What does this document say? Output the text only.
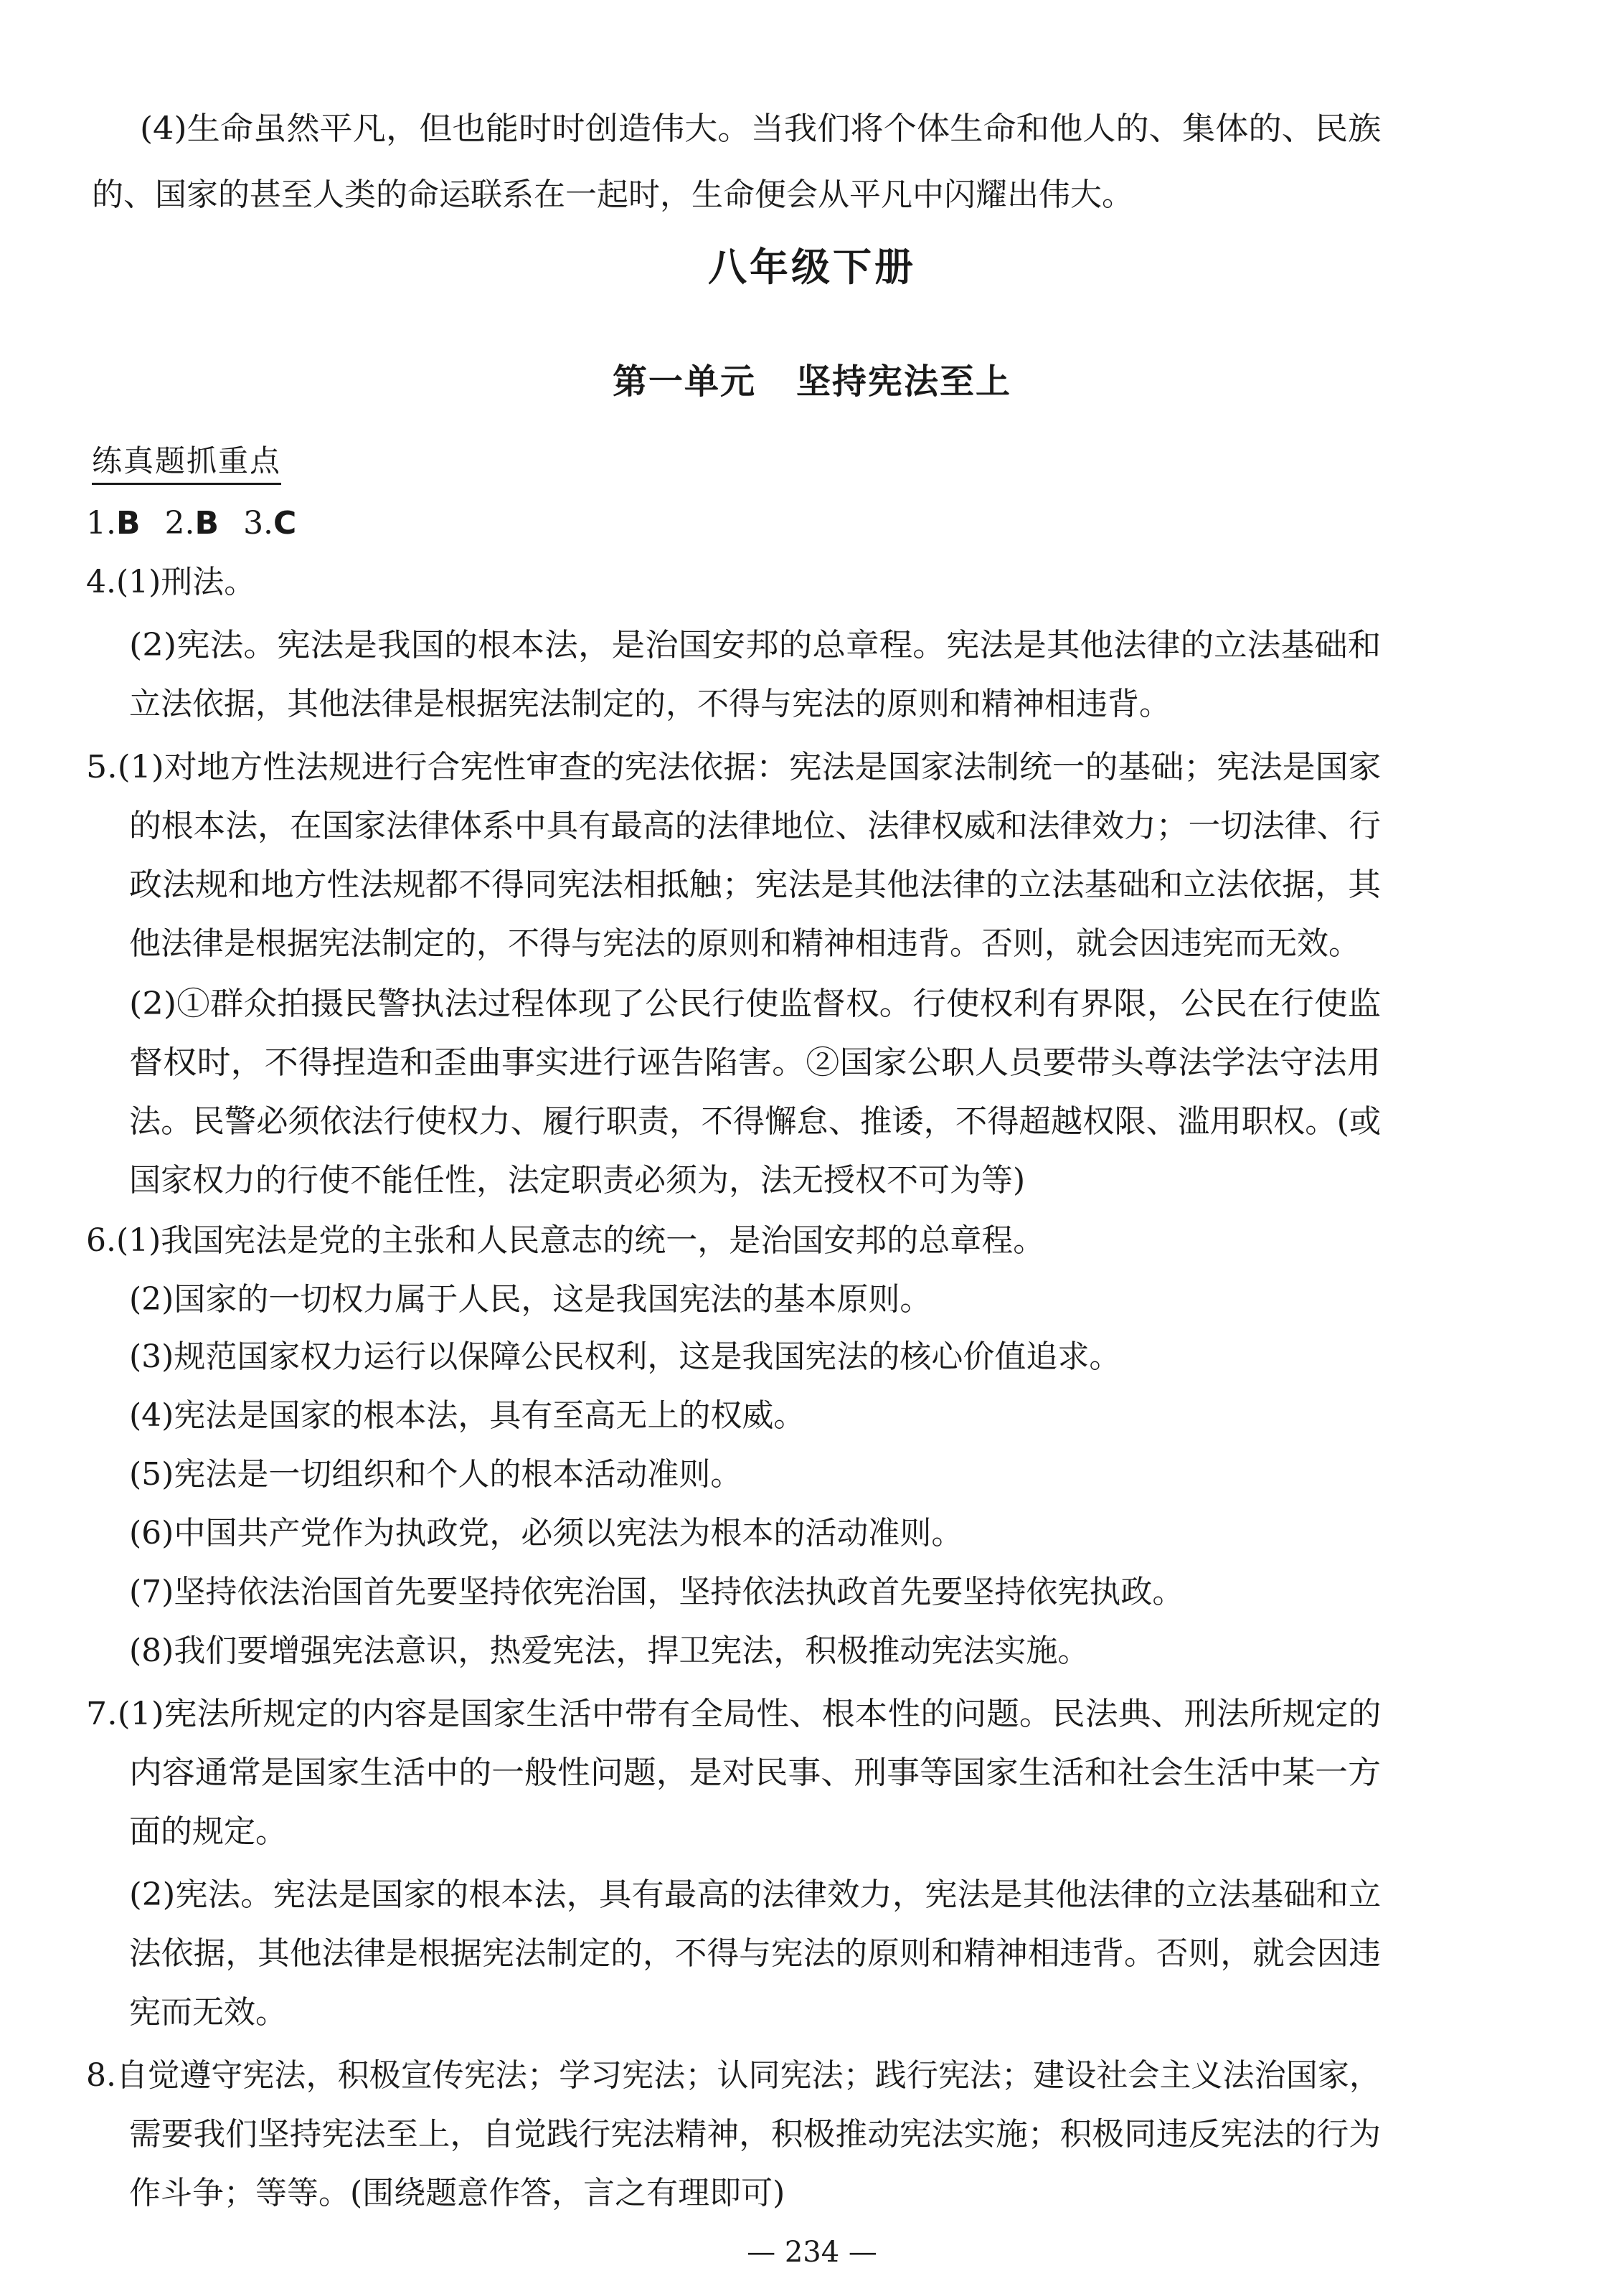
(4)生命虽然平凡，但也能时时创造伟大。当我们将个体生命和他人的、集体的、民族
的、国家的甚至人类的命运联系在一起时，生命便会从平凡中闪耀出伟大。
八年级下册
第一单元 坚持宪法至上
练真题抓重点
1.B 2.B 3.C
4.(1)刑法。
(2)宪法。宪法是我国的根本法，是治国安邦的总章程。宪法是其他法律的立法基础和
立法依据，其他法律是根据宪法制定的，不得与宪法的原则和精神相违背。
5.(1)对地方性法规进行合宪性审查的宪法依据：宪法是国家法制统一的基础；宪法是国家
的根本法，在国家法律体系中具有最高的法律地位、法律权威和法律效力；一切法律、行
政法规和地方性法规都不得同宪法相抵触；宪法是其他法律的立法基础和立法依据，其
他法律是根据宪法制定的，不得与宪法的原则和精神相违背。否则，就会因违宪而无效。
(2)①群众拍摄民警执法过程体现了公民行使监督权。行使权利有界限，公民在行使监
督权时，不得捏造和歪曲事实进行诬告陷害。②国家公职人员要带头尊法学法守法用
法。民警必须依法行使权力、履行职责，不得懈怠、推诿，不得超越权限、滥用职权。(或
国家权力的行使不能任性，法定职责必须为，法无授权不可为等)
6.(1)我国宪法是党的主张和人民意志的统一，是治国安邦的总章程。
(2)国家的一切权力属于人民，这是我国宪法的基本原则。
(3)规范国家权力运行以保障公民权利，这是我国宪法的核心价值追求。
(4)宪法是国家的根本法，具有至高无上的权威。
(5)宪法是一切组织和个人的根本活动准则。
(6)中国共产党作为执政党，必须以宪法为根本的活动准则。
(7)坚持依法治国首先要坚持依宪治国，坚持依法执政首先要坚持依宪执政。
(8)我们要增强宪法意识，热爱宪法，捍卫宪法，积极推动宪法实施。
7.(1)宪法所规定的内容是国家生活中带有全局性、根本性的问题。民法典、刑法所规定的
内容通常是国家生活中的一般性问题，是对民事、刑事等国家生活和社会生活中某一方
面的规定。
(2)宪法。宪法是国家的根本法，具有最高的法律效力，宪法是其他法律的立法基础和立
法依据，其他法律是根据宪法制定的，不得与宪法的原则和精神相违背。否则，就会因违
宪而无效。
8.自觉遵守宪法，积极宣传宪法；学习宪法；认同宪法；践行宪法；建设社会主义法治国家，
需要我们坚持宪法至上，自觉践行宪法精神，积极推动宪法实施；积极同违反宪法的行为
作斗争；等等。(围绕题意作答，言之有理即可)
— 234 —
